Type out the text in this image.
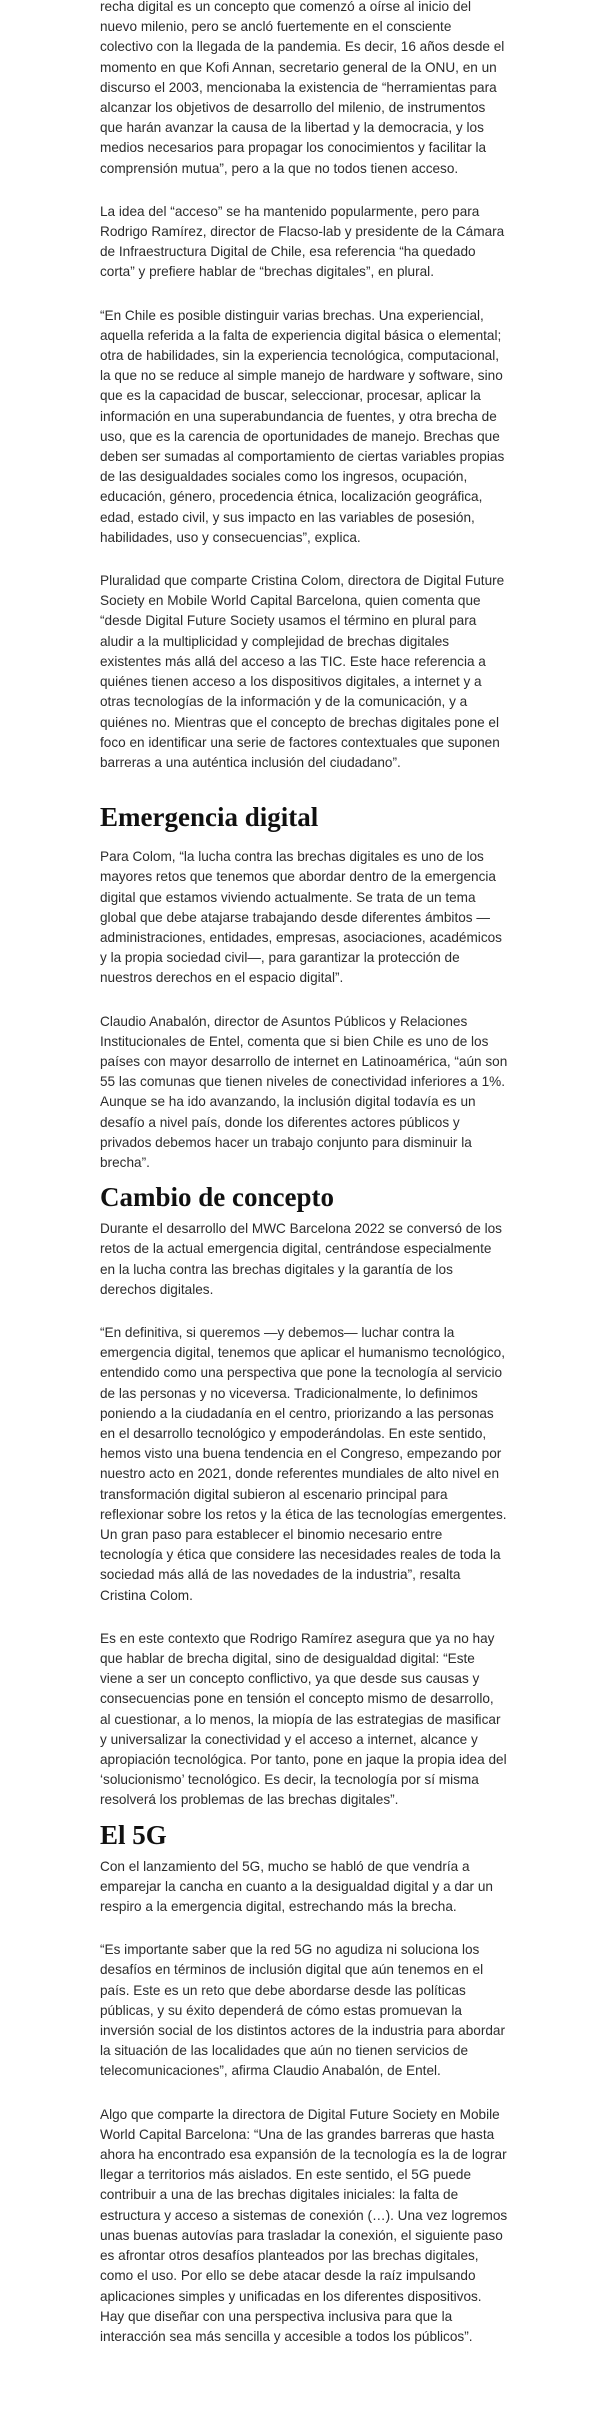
recha digital es un concepto que comenzó a oírse al inicio del nuevo milenio, pero se ancló fuertemente en el consciente colectivo con la llegada de la pandemia. Es decir, 16 años desde el momento en que Kofi Annan, secretario general de la ONU, en un discurso el 2003, mencionaba la existencia de “herramientas para alcanzar los objetivos de desarrollo del milenio, de instrumentos que harán avanzar la causa de la libertad y la democracia, y los medios necesarios para propagar los conocimientos y facilitar la comprensión mutua”, pero a la que no todos tienen acceso.

La idea del “acceso” se ha mantenido popularmente, pero para Rodrigo Ramírez, director de Flacso-lab y presidente de la Cámara de Infraestructura Digital de Chile, esa referencia “ha quedado corta” y prefiere hablar de “brechas digitales”, en plural.

“En Chile es posible distinguir varias brechas. Una experiencial, aquella referida a la falta de experiencia digital básica o elemental; otra de habilidades, sin la experiencia tecnológica, computacional, la que no se reduce al simple manejo de hardware y software, sino que es la capacidad de buscar, seleccionar, procesar, aplicar la información en una superabundancia de fuentes, y otra brecha de uso, que es la carencia de oportunidades de manejo. Brechas que deben ser sumadas al comportamiento de ciertas variables propias de las desigualdades sociales como los ingresos, ocupación, educación, género, procedencia étnica, localización geográfica, edad, estado civil, y sus impacto en las variables de posesión, habilidades, uso y consecuencias”, explica.

Pluralidad que comparte Cristina Colom, directora de Digital Future Society en Mobile World Capital Barcelona, quien comenta que “desde Digital Future Society usamos el término en plural para aludir a la multiplicidad y complejidad de brechas digitales existentes más allá del acceso a las TIC. Este hace referencia a quiénes tienen acceso a los dispositivos digitales, a internet y a otras tecnologías de la información y de la comunicación, y a quiénes no. Mientras que el concepto de brechas digitales pone el foco en identificar una serie de factores contextuales que suponen barreras a una auténtica inclusión del ciudadano”.

Emergencia digital

Para Colom, “la lucha contra las brechas digitales es uno de los mayores retos que tenemos que abordar dentro de la emergencia digital que estamos viviendo actualmente. Se trata de un tema global que debe atajarse trabajando desde diferentes ámbitos —administraciones, entidades, empresas, asociaciones, académicos y la propia sociedad civil—, para garantizar la protección de nuestros derechos en el espacio digital”.

Claudio Anabalón, director de Asuntos Públicos y Relaciones Institucionales de Entel, comenta que si bien Chile es uno de los países con mayor desarrollo de internet en Latinoamérica, “aún son 55 las comunas que tienen niveles de conectividad inferiores a 1%. Aunque se ha ido avanzando, la inclusión digital todavía es un desafío a nivel país, donde los diferentes actores públicos y privados debemos hacer un trabajo conjunto para disminuir la brecha”.

Cambio de concepto

Durante el desarrollo del MWC Barcelona 2022 se conversó de los retos de la actual emergencia digital, centrándose especialmente en la lucha contra las brechas digitales y la garantía de los derechos digitales.

“En definitiva, si queremos —y debemos— luchar contra la emergencia digital, tenemos que aplicar el humanismo tecnológico, entendido como una perspectiva que pone la tecnología al servicio de las personas y no viceversa. Tradicionalmente, lo definimos poniendo a la ciudadanía en el centro, priorizando a las personas en el desarrollo tecnológico y empoderándolas. En este sentido, hemos visto una buena tendencia en el Congreso, empezando por nuestro acto en 2021, donde referentes mundiales de alto nivel en transformación digital subieron al escenario principal para reflexionar sobre los retos y la ética de las tecnologías emergentes. Un gran paso para establecer el binomio necesario entre tecnología y ética que considere las necesidades reales de toda la sociedad más allá de las novedades de la industria”, resalta Cristina Colom.

Es en este contexto que Rodrigo Ramírez asegura que ya no hay que hablar de brecha digital, sino de desigualdad digital: “Este viene a ser un concepto conflictivo, ya que desde sus causas y consecuencias pone en tensión el concepto mismo de desarrollo, al cuestionar, a lo menos, la miopía de las estrategias de masificar y universalizar la conectividad y el acceso a internet, alcance y apropiación tecnológica. Por tanto, pone en jaque la propia idea del ‘solucionismo’ tecnológico. Es decir, la tecnología por sí misma resolverá los problemas de las brechas digitales”.

El 5G

Con el lanzamiento del 5G, mucho se habló de que vendría a emparejar la cancha en cuanto a la desigualdad digital y a dar un respiro a la emergencia digital, estrechando más la brecha.

“Es importante saber que la red 5G no agudiza ni soluciona los desafíos en términos de inclusión digital que aún tenemos en el país. Este es un reto que debe abordarse desde las políticas públicas, y su éxito dependerá de cómo estas promuevan la inversión social de los distintos actores de la industria para abordar la situación de las localidades que aún no tienen servicios de telecomunicaciones”, afirma Claudio Anabalón, de Entel.

Algo que comparte la directora de Digital Future Society en Mobile World Capital Barcelona: “Una de las grandes barreras que hasta ahora ha encontrado esa expansión de la tecnología es la de lograr llegar a territorios más aislados. En este sentido, el 5G puede contribuir a una de las brechas digitales iniciales: la falta de estructura y acceso a sistemas de conexión (…). Una vez logremos unas buenas autovías para trasladar la conexión, el siguiente paso es afrontar otros desafíos planteados por las brechas digitales, como el uso. Por ello se debe atacar desde la raíz impulsando aplicaciones simples y unificadas en los diferentes dispositivos. Hay que diseñar con una perspectiva inclusiva para que la interacción sea más sencilla y accesible a todos los públicos”.
